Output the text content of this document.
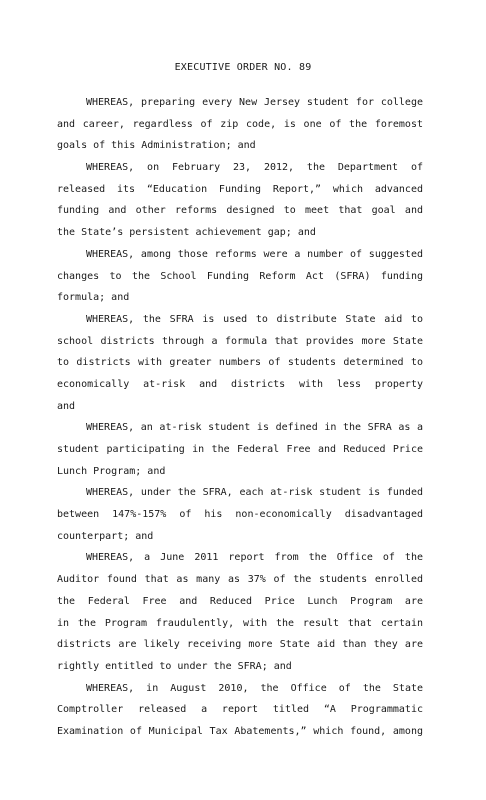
EXECUTIVE ORDER NO. 89

WHEREAS, preparing every New Jersey student for college
and career, regardless of zip code, is one of the foremost
goals of this Administration; and

WHEREAS, on February 23, 2012, the Department of
released its “Education Funding Report,” which advanced
funding and other reforms designed to meet that goal and
the State’s persistent achievement gap; and

WHEREAS, among those reforms were a number of suggested
changes to the School Funding Reform Act (SFRA) funding
formula; and

WHEREAS, the SFRA is used to distribute State aid to
school districts through a formula that provides more State
to districts with greater numbers of students determined to
economically at-risk and districts with less property
and

WHEREAS, an at-risk student is defined in the SFRA as a
student participating in the Federal Free and Reduced Price
Lunch Program; and

WHEREAS, under the SFRA, each at-risk student is funded
between 147%-157% of his non-economically disadvantaged
counterpart; and

WHEREAS, a June 2011 report from the Office of the
Auditor found that as many as 37% of the students enrolled
the Federal Free and Reduced Price Lunch Program are
in the Program fraudulently, with the result that certain
districts are likely receiving more State aid than they are
rightly entitled to under the SFRA; and

WHEREAS, in August 2010, the Office of the State
Comptroller released a report titled “A Programmatic
Examination of Municipal Tax Abatements,” which found, among
